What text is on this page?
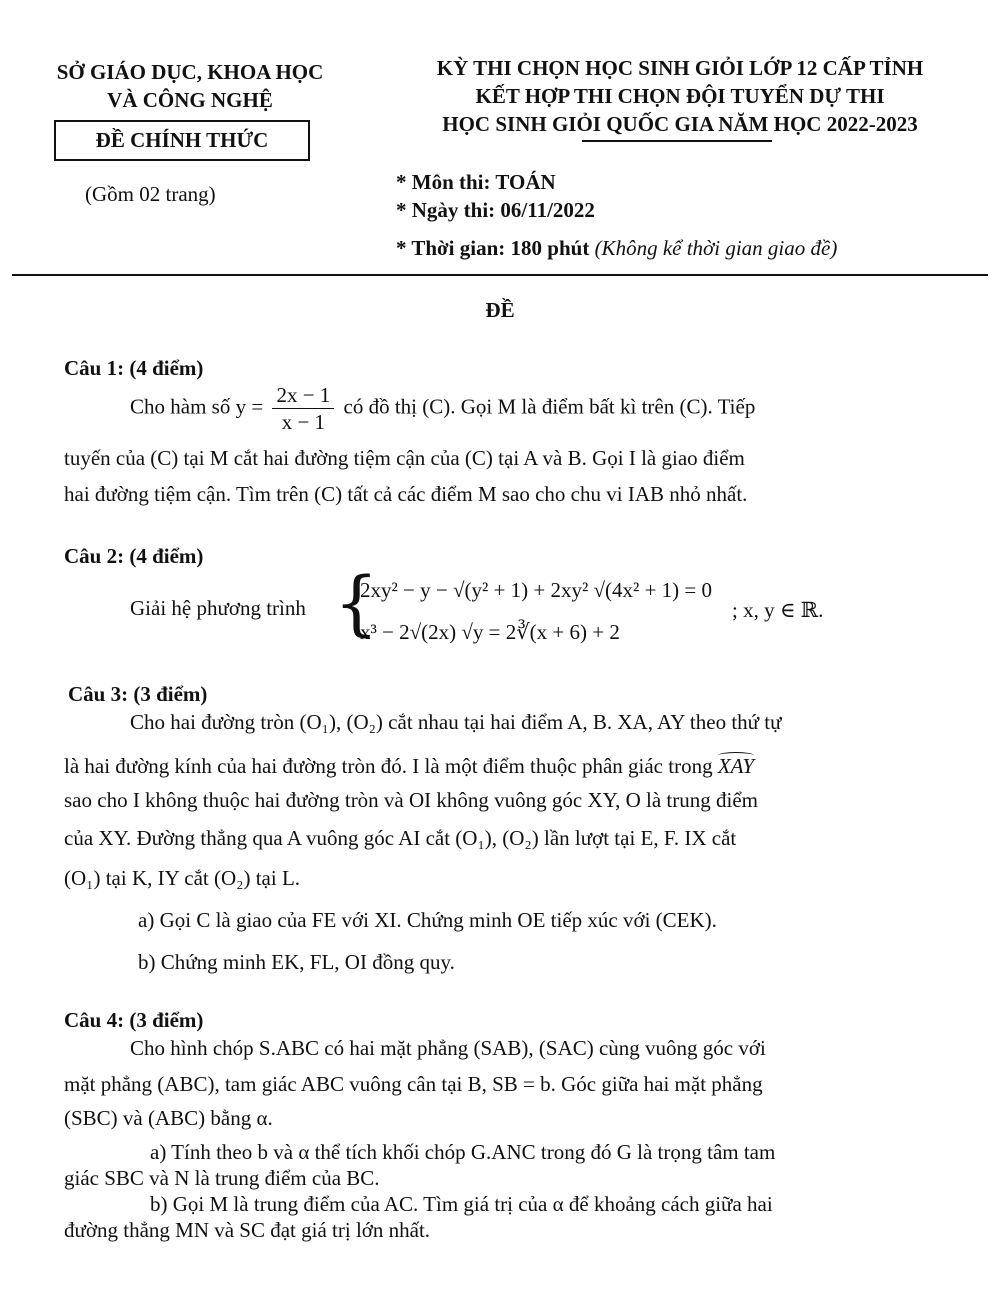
SỞ GIÁO DỤC, KHOA HỌC
VÀ CÔNG NGHỆ
ĐỀ CHÍNH THỨC
(Gồm 02 trang)
KỲ THI CHỌN HỌC SINH GIỎI LỚP 12 CẤP TỈNH
KẾT HỢP THI CHỌN ĐỘI TUYỂN DỰ THI
HỌC SINH GIỎI QUỐC GIA NĂM HỌC 2022-2023
* Môn thi: TOÁN
* Ngày thi: 06/11/2022
* Thời gian: 180 phút (Không kể thời gian giao đề)
ĐỀ
Câu 1: (4 điểm)
Cho hàm số $y = \frac{2x - 1}{x - 1}$ có đồ thị (C). Gọi M là điểm bất kì trên (C). Tiếp
tuyến của (C) tại M cắt hai đường tiệm cận của (C) tại A và B. Gọi I là giao điểm
hai đường tiệm cận. Tìm trên (C) tất cả các điểm M sao cho chu vi IAB nhỏ nhất.
Câu 2: (4 điểm)
Giải hệ phương trình {
2xy² − y − √(y² + 1) + 2xy² √(4x² + 1) = 0
x³ − 2√(2x) √y = 2∛(x + 6) + 2
; x, y ∈ ℝ.
Câu 3: (3 điểm)
Cho hai đường tròn (O₁), (O₂) cắt nhau tại hai điểm A, B. XA, AY theo thứ tự
là hai đường kính của hai đường tròn đó. I là một điểm thuộc phân giác trong XAY
sao cho I không thuộc hai đường tròn và OI không vuông góc XY, O là trung điểm
của XY. Đường thẳng qua A vuông góc AI cắt (O₁), (O₂) lần lượt tại E, F. IX cắt
(O₁) tại K, IY cắt (O₂) tại L.
a) Gọi C là giao của FE với XI. Chứng minh OE tiếp xúc với (CEK).
b) Chứng minh EK, FL, OI đồng quy.
Câu 4: (3 điểm)
Cho hình chóp S.ABC có hai mặt phẳng (SAB), (SAC) cùng vuông góc với
mặt phẳng (ABC), tam giác ABC vuông cân tại B, SB = b. Góc giữa hai mặt phẳng
(SBC) và (ABC) bằng α.
a) Tính theo b và α thể tích khối chóp G.ANC trong đó G là trọng tâm tam
giác SBC và N là trung điểm của BC.
b) Gọi M là trung điểm của AC. Tìm giá trị của α để khoảng cách giữa hai
đường thẳng MN và SC đạt giá trị lớn nhất.
